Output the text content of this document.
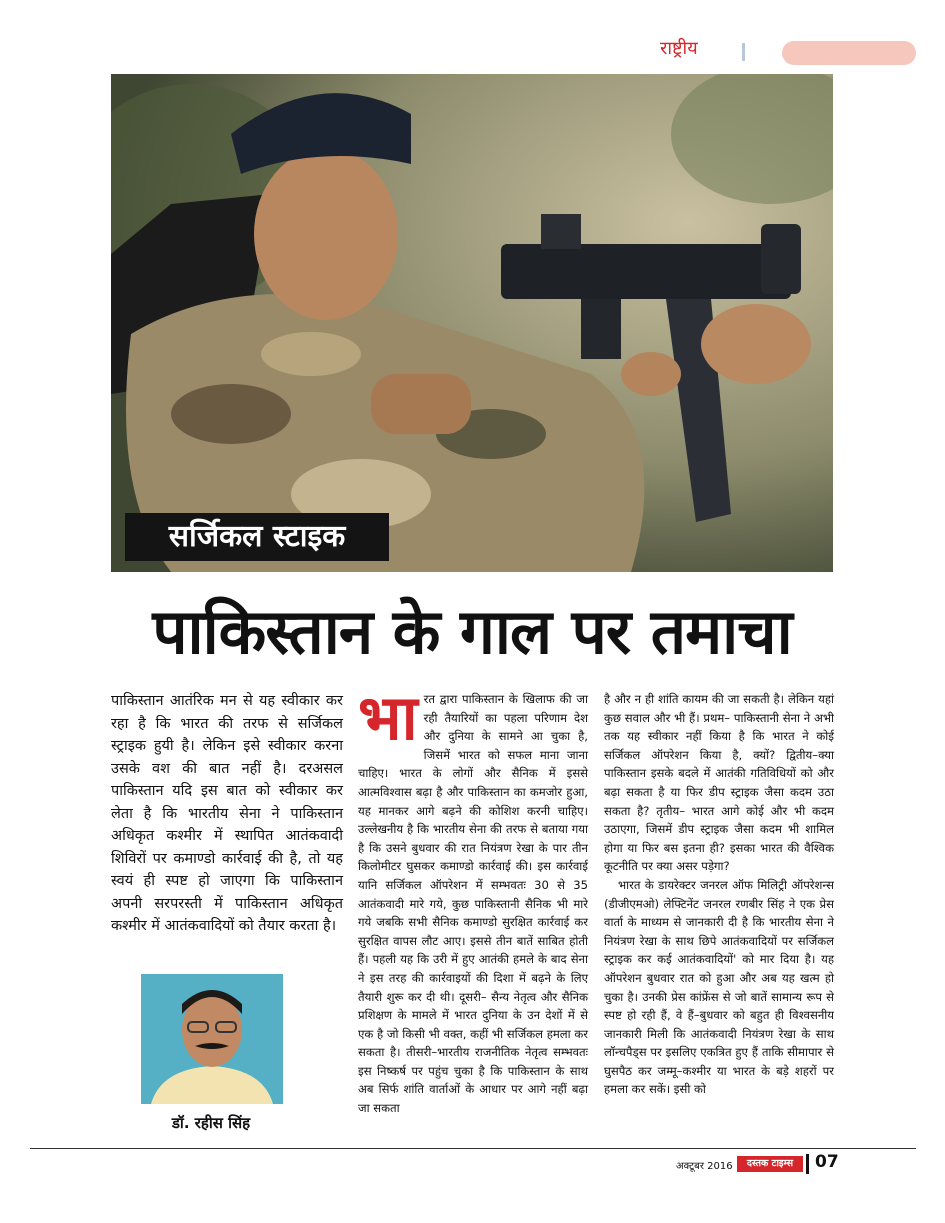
राष्ट्रीय
सर्जिकल स्टाइक
पाकिस्तान के गाल पर तमाचा
पाकिस्तान आतंरिक मन से यह स्वीकार कर रहा है कि भारत की तरफ से सर्जिकल स्ट्राइक हुयी है। लेकिन इसे स्वीकार करना उसके वश की बात नहीं है। दरअसल पाकिस्तान यदि इस बात को स्वीकार कर लेता है कि भारतीय सेना ने पाकिस्तान अधिकृत कश्मीर में स्थापित आतंकवादी शिविरों पर कमाण्डो कार्रवाई की है, तो यह स्वयं ही स्पष्ट हो जाएगा कि पाकिस्तान अपनी सरपरस्ती में पाकिस्तान अधिकृत कश्मीर में आतंकवादियों को तैयार करता है।
डॉ. रहीस सिंह
भारत द्वारा पाकिस्तान के खिलाफ की जा रही तैयारियों का पहला परिणाम देश और दुनिया के सामने आ चुका है, जिसमें भारत को सफल माना जाना चाहिए। भारत के लोगों और सैनिक में इससे आत्मविश्वास बढ़ा है और पाकिस्तान का कमजोर हुआ, यह मानकर आगे बढ़ने की कोशिश करनी चाहिए। उल्लेखनीय है कि भारतीय सेना की तरफ से बताया गया है कि उसने बुधवार की रात नियंत्रण रेखा के पार तीन किलोमीटर घुसकर कमाण्डो कार्रवाई की। इस कार्रवाई यानि सर्जिकल ऑपरेशन में सम्भवतः 30 से 35 आतंकवादी मारे गये, कुछ पाकिस्तानी सैनिक भी मारे गये जबकि सभी सैनिक कमाण्डो सुरक्षित कार्रवाई कर सुरक्षित वापस लौट आए। इससे तीन बातें साबित होती हैं। पहली यह कि उरी में हुए आतंकी हमले के बाद सेना ने इस तरह की कार्रवाइयों की दिशा में बढ़ने के लिए तैयारी शुरू कर दी थी। दूसरी– सैन्य नेतृत्व और सैनिक प्रशिक्षण के मामले में भारत दुनिया के उन देशों में से एक है जो किसी भी वक्त, कहीं भी सर्जिकल हमला कर सकता है। तीसरी–भारतीय राजनीतिक नेतृत्व सम्भवतः इस निष्कर्ष पर पहुंच चुका है कि पाकिस्तान के साथ अब सिर्फ शांति वार्ताओं के आधार पर आगे नहीं बढ़ा जा सकता

है और न ही शांति कायम की जा सकती है। लेकिन यहां कुछ सवाल और भी हैं। प्रथम– पाकिस्तानी सेना ने अभी तक यह स्वीकार नहीं किया है कि भारत ने कोई सर्जिकल ऑपरेशन किया है, क्यों? द्वितीय–क्या पाकिस्तान इसके बदले में आतंकी गतिविधियों को और बढ़ा सकता है या फिर डीप स्ट्राइक जैसा कदम उठा सकता है? तृतीय– भारत आगे कोई और भी कदम उठाएगा, जिसमें डीप स्ट्राइक जैसा कदम भी शामिल होगा या फिर बस इतना ही? इसका भारत की वैश्विक कूटनीति पर क्या असर पड़ेगा?

भारत के डायरेक्टर जनरल ऑफ मिलिट्री ऑपरेशन्स (डीजीएमओ) लेफ्टिनेंट जनरल रणबीर सिंह ने एक प्रेस वार्ता के माध्यम से जानकारी दी है कि भारतीय सेना ने नियंत्रण रेखा के साथ छिपे आतंकवादियों पर सर्जिकल स्ट्राइक कर कई आतंकवादियों' को मार दिया है। यह ऑपरेशन बुधवार रात को हुआ और अब यह खत्म हो चुका है। उनकी प्रेस कांफ्रेंस से जो बातें सामान्य रूप से स्पष्ट हो रही हैं, वे हैं–बुधवार को बहुत ही विश्वसनीय जानकारी मिली कि आतंकवादी नियंत्रण रेखा के साथ लॉन्चपैड्स पर इसलिए एकत्रित हुए हैं ताकि सीमापार से घुसपैठ कर जम्मू–कश्मीर या भारत के बड़े शहरों पर हमला कर सकें। इसी को

अक्टूबर 2016	दस्तक टाइम्स	07
